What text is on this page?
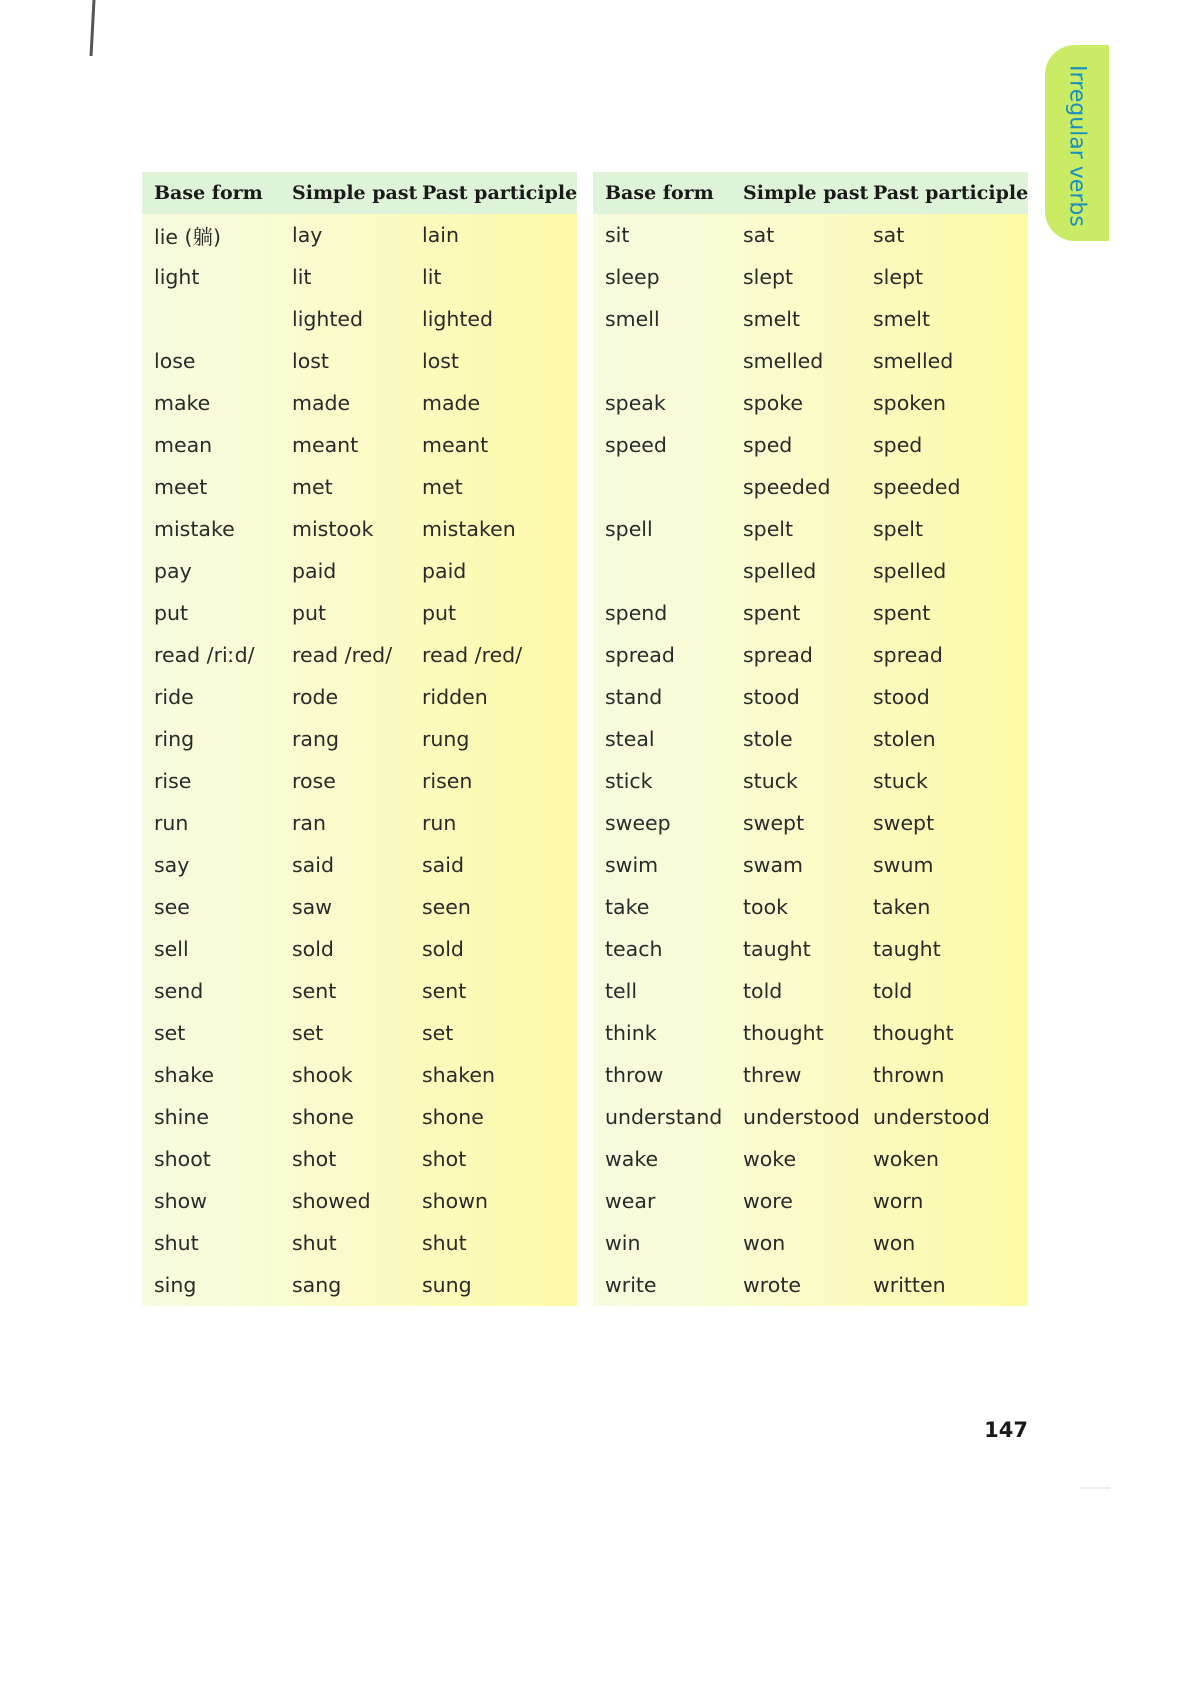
Irregular verbs
Base form	Simple past	Past participle
lie (躺)	lay	lain
light	lit	lit
	lighted	lighted
lose	lost	lost
make	made	made
mean	meant	meant
meet	met	met
mistake	mistook	mistaken
pay	paid	paid
put	put	put
read /riːd/	read /red/	read /red/
ride	rode	ridden
ring	rang	rung
rise	rose	risen
run	ran	run
say	said	said
see	saw	seen
sell	sold	sold
send	sent	sent
set	set	set
shake	shook	shaken
shine	shone	shone
shoot	shot	shot
show	showed	shown
shut	shut	shut
sing	sang	sung
Base form	Simple past	Past participle
sit	sat	sat
sleep	slept	slept
smell	smelt	smelt
	smelled	smelled
speak	spoke	spoken
speed	sped	sped
	speeded	speeded
spell	spelt	spelt
	spelled	spelled
spend	spent	spent
spread	spread	spread
stand	stood	stood
steal	stole	stolen
stick	stuck	stuck
sweep	swept	swept
swim	swam	swum
take	took	taken
teach	taught	taught
tell	told	told
think	thought	thought
throw	threw	thrown
understand	understood	understood
wake	woke	woken
wear	wore	worn
win	won	won
write	wrote	written
147
